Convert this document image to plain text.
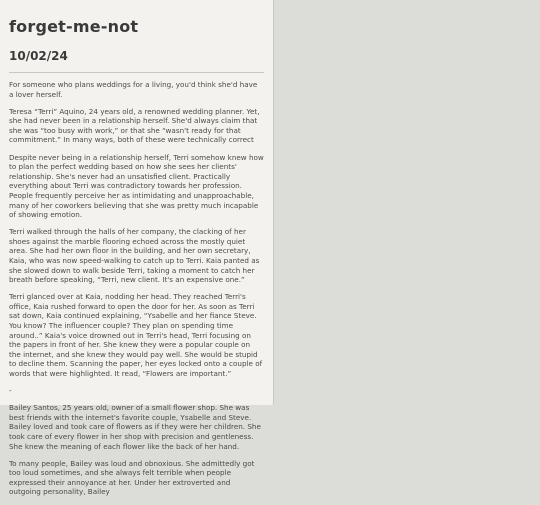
forget-me-not
10/02/24

For someone who plans weddings for a living, you'd think she'd have a lover herself.

Teresa “Terri” Aquino, 24 years old, a renowned wedding planner. Yet, she had never been in a relationship herself. She'd always claim that she was “too busy with work,” or that she “wasn't ready for that commitment.” In many ways, both of these were technically correct

Despite never being in a relationship herself, Terri somehow knew how to plan the perfect wedding based on how she sees her clients' relationship. She's never had an unsatisfied client. Practically everything about Terri was contradictory towards her profession. People frequently perceive her as intimidating and unapproachable, many of her coworkers believing that she was pretty much incapable of showing emotion.

Terri walked through the halls of her company, the clacking of her shoes against the marble flooring echoed across the mostly quiet area. She had her own floor in the building, and her own secretary, Kaia, who was now speed-walking to catch up to Terri. Kaia panted as she slowed down to walk beside Terri, taking a moment to catch her breath before speaking, “Terri, new client. It's an expensive one.”

Terri glanced over at Kaia, nodding her head. They reached Terri's office, Kaia rushed forward to open the door for her. As soon as Terri sat down, Kaia continued explaining, “Ysabelle and her fiance Steve. You know? The influencer couple? They plan on spending time around..” Kaia's voice drowned out in Terri's head, Terri focusing on the papers in front of her. She knew they were a popular couple on the internet, and she knew they would pay well. She would be stupid to decline them. Scanning the paper, her eyes locked onto a couple of words that were highlighted. It read, “Flowers are important.”

-

Bailey Santos, 25 years old, owner of a small flower shop. She was best friends with the internet's favorite couple, Ysabelle and Steve. Bailey loved and took care of flowers as if they were her children. She took care of every flower in her shop with precision and gentleness. She knew the meaning of each flower like the back of her hand.

To many people, Bailey was loud and obnoxious. She admittedly got too loud sometimes, and she always felt terrible when people expressed their annoyance at her. Under her extroverted and outgoing personality, Bailey
